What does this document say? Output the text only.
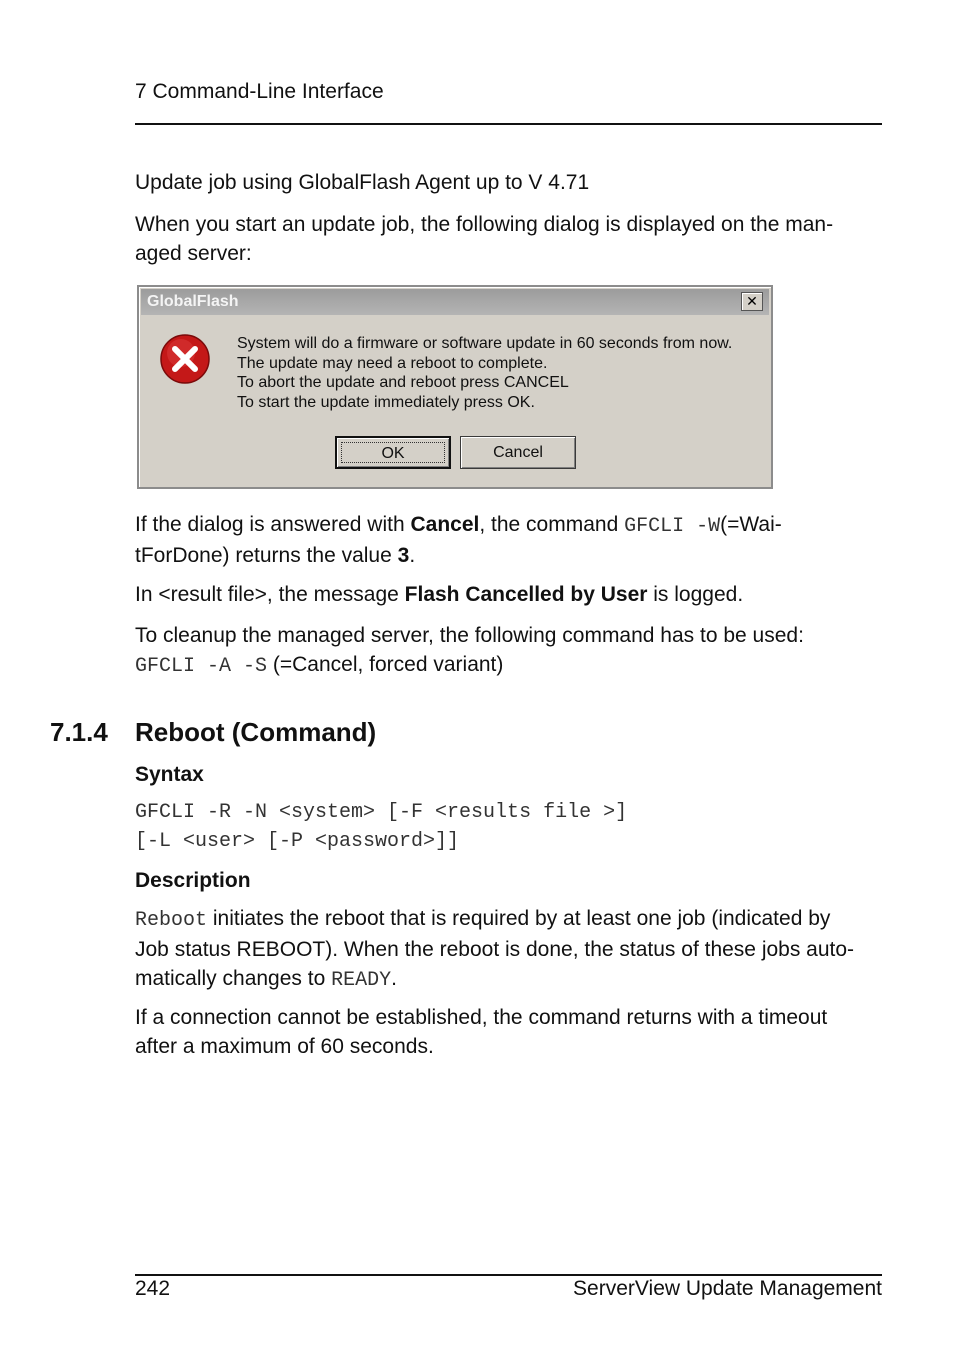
7 Command-Line Interface
Update job using GlobalFlash Agent up to V 4.71
When you start an update job, the following dialog is displayed on the man-
aged server:
GlobalFlash	✕
System will do a firmware or software update in 60 seconds from now.
The update may need a reboot to complete.
To abort the update and reboot press CANCEL
To start the update immediately press OK.
OK	Cancel
If the dialog is answered with Cancel, the command GFCLI -W(=Wai-
tForDone) returns the value 3.
In <result file>, the message Flash Cancelled by User is logged.
To cleanup the managed server, the following command has to be used:
GFCLI -A -S (=Cancel, forced variant)
7.1.4 Reboot (Command)
Syntax
GFCLI -R -N <system> [-F <results file >]
[-L <user> [-P <password>]]
Description
Reboot initiates the reboot that is required by at least one job (indicated by
Job status REBOOT). When the reboot is done, the status of these jobs auto-
matically changes to READY.
If a connection cannot be established, the command returns with a timeout
after a maximum of 60 seconds.
242	ServerView Update Management
